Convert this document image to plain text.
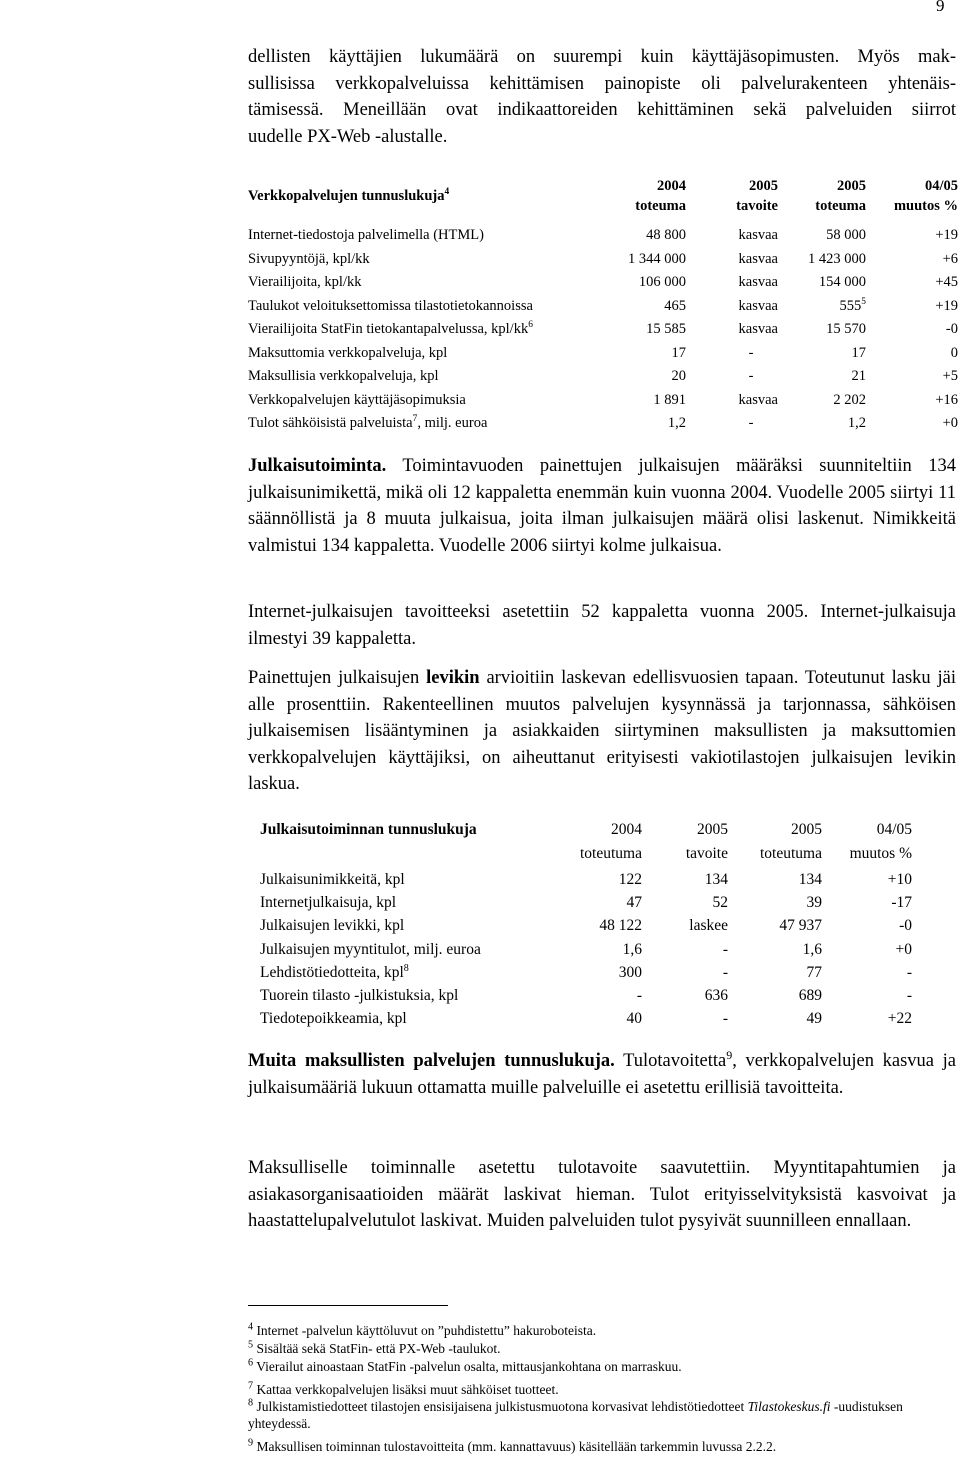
9
dellisten käyttäjien lukumäärä on suurempi kuin käyttäjäsopimusten. Myös mak-
sullisissa verkkopalveluissa kehittämisen painopiste oli palvelurakenteen yhtenäis-
tämisessä. Meneillään ovat indikaattoreiden kehittäminen sekä palveluiden siirrot
uudelle PX-Web -alustalle.
Verkkopalvelujen tunnuslukuja$^4$	2004	2005	2005	04/05
	toteuma	tavoite	toteuma	muutos %

Internet-tiedostoja palvelimella (HTML)	48 800	kasvaa	58 000	+19
Sivupyyntöjä, kpl/kk	1 344 000	kasvaa	1 423 000	+6
Vierailijoita, kpl/kk	106 000	kasvaa	154 000	+45
Taulukot veloituksettomissa tilastotietokannoissa	465	kasvaa	$555^5$	+19
Vierailijoita StatFin tietokantapalvelussa, kpl/$kk^6$	15 585	kasvaa	15 570	-0
Maksuttomia verkkopalveluja, kpl	17	-	17	0
Maksullisia verkkopalveluja, kpl	20	-	21	+5
Verkkopalvelujen käyttäjäsopimuksia	1 891	kasvaa	2 202	+16
Tulot sähköisistä palveluista$^7$, milj. euroa	1,2	-	1,2	+0

Julkaisutoiminta. Toimintavuoden painettujen julkaisujen määräksi suunniteltiin 134 julkaisunimikettä, mikä oli 12 kappaletta enemmän kuin vuonna 2004. Vuodelle 2005 siirtyi 11 säännöllistä ja 8 muuta julkaisua, joita ilman julkaisujen määrä olisi laskenut. Nimikkeitä valmistui 134 kappaletta. Vuodelle 2006 siirtyi kolme julkaisua.

Internet-julkaisujen tavoitteeksi asetettiin 52 kappaletta vuonna 2005. Internet-julkaisuja ilmestyi 39 kappaletta.

Painettujen julkaisujen levikin arvioitiin laskevan edellisvuosien tapaan. Toteutunut lasku jäi alle prosenttiin. Rakenteellinen muutos palvelujen kysynnässä ja tarjonnassa, sähköisen julkaisemisen lisääntyminen ja asiakkaiden siirtyminen maksullisten ja maksuttomien verkkopalvelujen käyttäjiksi, on aiheuttanut erityisesti vakiotilastojen julkaisujen levikin laskua.

Julkaisutoiminnan tunnuslukuja	2004	2005	2005	04/05
	toteutuma	tavoite	toteutuma	muutos %
Julkaisunimikkeitä, kpl	122	134	134	+10
Internetjulkaisuja, kpl	47	52	39	-17
Julkaisujen levikki, kpl	48 122	laskee	47 937	-0
Julkaisujen myyntitulot, milj. euroa	1,6	-	1,6	+0
Lehdistötiedotteita, kpl$^8$	300	-	77	-
Tuorein tilasto -julkistuksia, kpl	-	636	689	-
Tiedotepoikkeamia, kpl	40	-	49	+22

Muita maksullisten palvelujen tunnuslukuja. Tulotavoitetta$^9$, verkkopalvelujen kasvua ja julkaisumääriä lukuun ottamatta muille palveluille ei asetettu erillisiä tavoitteita.

Maksulliselle toiminnalle asetettu tulotavoite saavutettiin. Myyntitapahtumien ja asiakasorganisaatioiden määrät laskivat hieman. Tulot erityisselvityksistä kasvoivat ja haastattelupalvelutulot laskivat. Muiden palveluiden tulot pysyivät suunnilleen ennallaan.

$^4$ Internet -palvelun käyttöluvut on ”puhdistettu” hakuroboteista.

$^5$ Sisältää sekä StatFin- että PX-Web -taulukot.

$^6$ Vierailut ainoastaan StatFin -palvelun osalta, mittausjankohtana on marraskuu.

$^7$ Kattaa verkkopalvelujen lisäksi muut sähköiset tuotteet.

$^8$ Julkistamistiedotteet tilastojen ensisijaisena julkistusmuotona korvasivat lehdistötiedotteet Tilastokeskus.fi -uudistuksen yhteydessä.

$^9$ Maksullisen toiminnan tulostavoitteita (mm. kannattavuus) käsitellään tarkemmin luvussa 2.2.2.
